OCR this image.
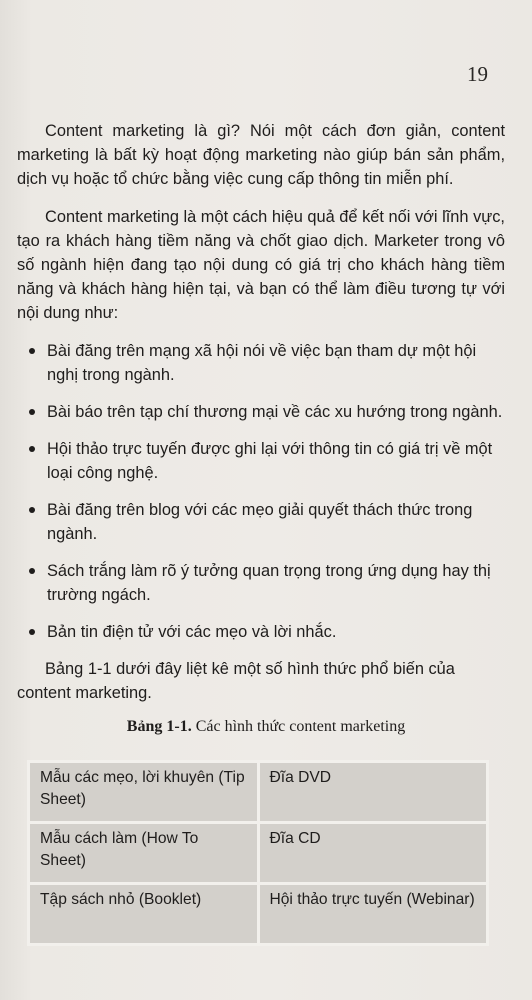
19

Content marketing là gì? Nói một cách đơn giản, content marketing là bất kỳ hoạt động marketing nào giúp bán sản phẩm, dịch vụ hoặc tổ chức bằng việc cung cấp thông tin miễn phí.

Content marketing là một cách hiệu quả để kết nối với lĩnh vực, tạo ra khách hàng tiềm năng và chốt giao dịch. Marketer trong vô số ngành hiện đang tạo nội dung có giá trị cho khách hàng tiềm năng và khách hàng hiện tại, và bạn có thể làm điều tương tự với nội dung như:

Bài đăng trên mạng xã hội nói về việc bạn tham dự một hội nghị trong ngành.
Bài báo trên tạp chí thương mại về các xu hướng trong ngành.
Hội thảo trực tuyến được ghi lại với thông tin có giá trị về một loại công nghệ.
Bài đăng trên blog với các mẹo giải quyết thách thức trong ngành.
Sách trắng làm rõ ý tưởng quan trọng trong ứng dụng hay thị trường ngách.
Bản tin điện tử với các mẹo và lời nhắc.

Bảng 1-1 dưới đây liệt kê một số hình thức phổ biến của content marketing.

Bảng 1-1. Các hình thức content marketing
Mẫu các mẹo, lời khuyên (Tip Sheet)	Đĩa DVD
Mẫu cách làm (How To Sheet)	Đĩa CD
Tập sách nhỏ (Booklet)	Hội thảo trực tuyến (Webinar)
